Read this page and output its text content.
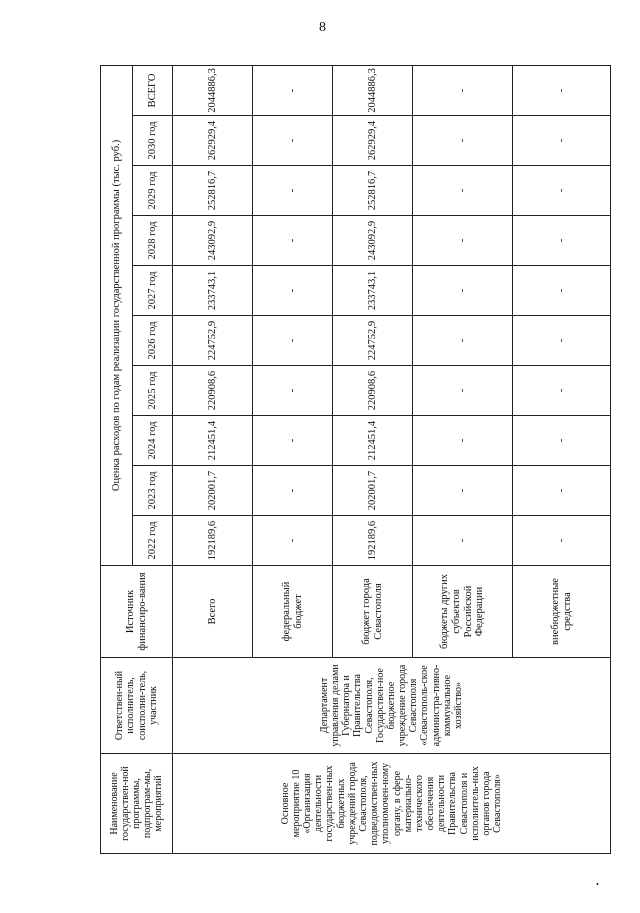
8
Наименование государствен-ной программы, подпрограм-мы, мероприятий	Ответствен-ный исполнитель, соисполни-тель, участник	Источник финансиро-вания	Оценка расходов по годам реализации государственной программы (тыс. руб.)									
			2022 год	2023 год	2024 год	2025 год	2026 год	2027 год	2028 год	2029 год	2030 год	ВСЕГО
Основное мероприятие 10 «Организация деятельности государствен-ных бюджетных учреждений города Севастополя, подведомствен-ных уполномочен-ному органу, в сфере материально-технического обеспечения деятельности Правительства Севастополя и исполнитель-ных органов города Севастополя»	Департамент управления делами Губернатора и Правительства Севастополя, Государствен-ное бюджетное учреждение города Севастополя «Севастополь-ское администра-тивно-коммунальное хозяйство»	Всего	192189,6	202001,7	212451,4	220908,6	224752,9	233743,1	243092,9	252816,7	262929,4	2044886,3
		федеральный бюджет	-	-	-	-	-	-	-	-	-	-
		бюджет города Севастополя	192189,6	202001,7	212451,4	220908,6	224752,9	233743,1	243092,9	252816,7	262929,4	2044886,3
		бюджеты других субъектов Российской Федерации	-	-	-	-	-	-	-	-	-	-
		внебюджетные средства	-	-	-	-	-	-	-	-	-	-
•
